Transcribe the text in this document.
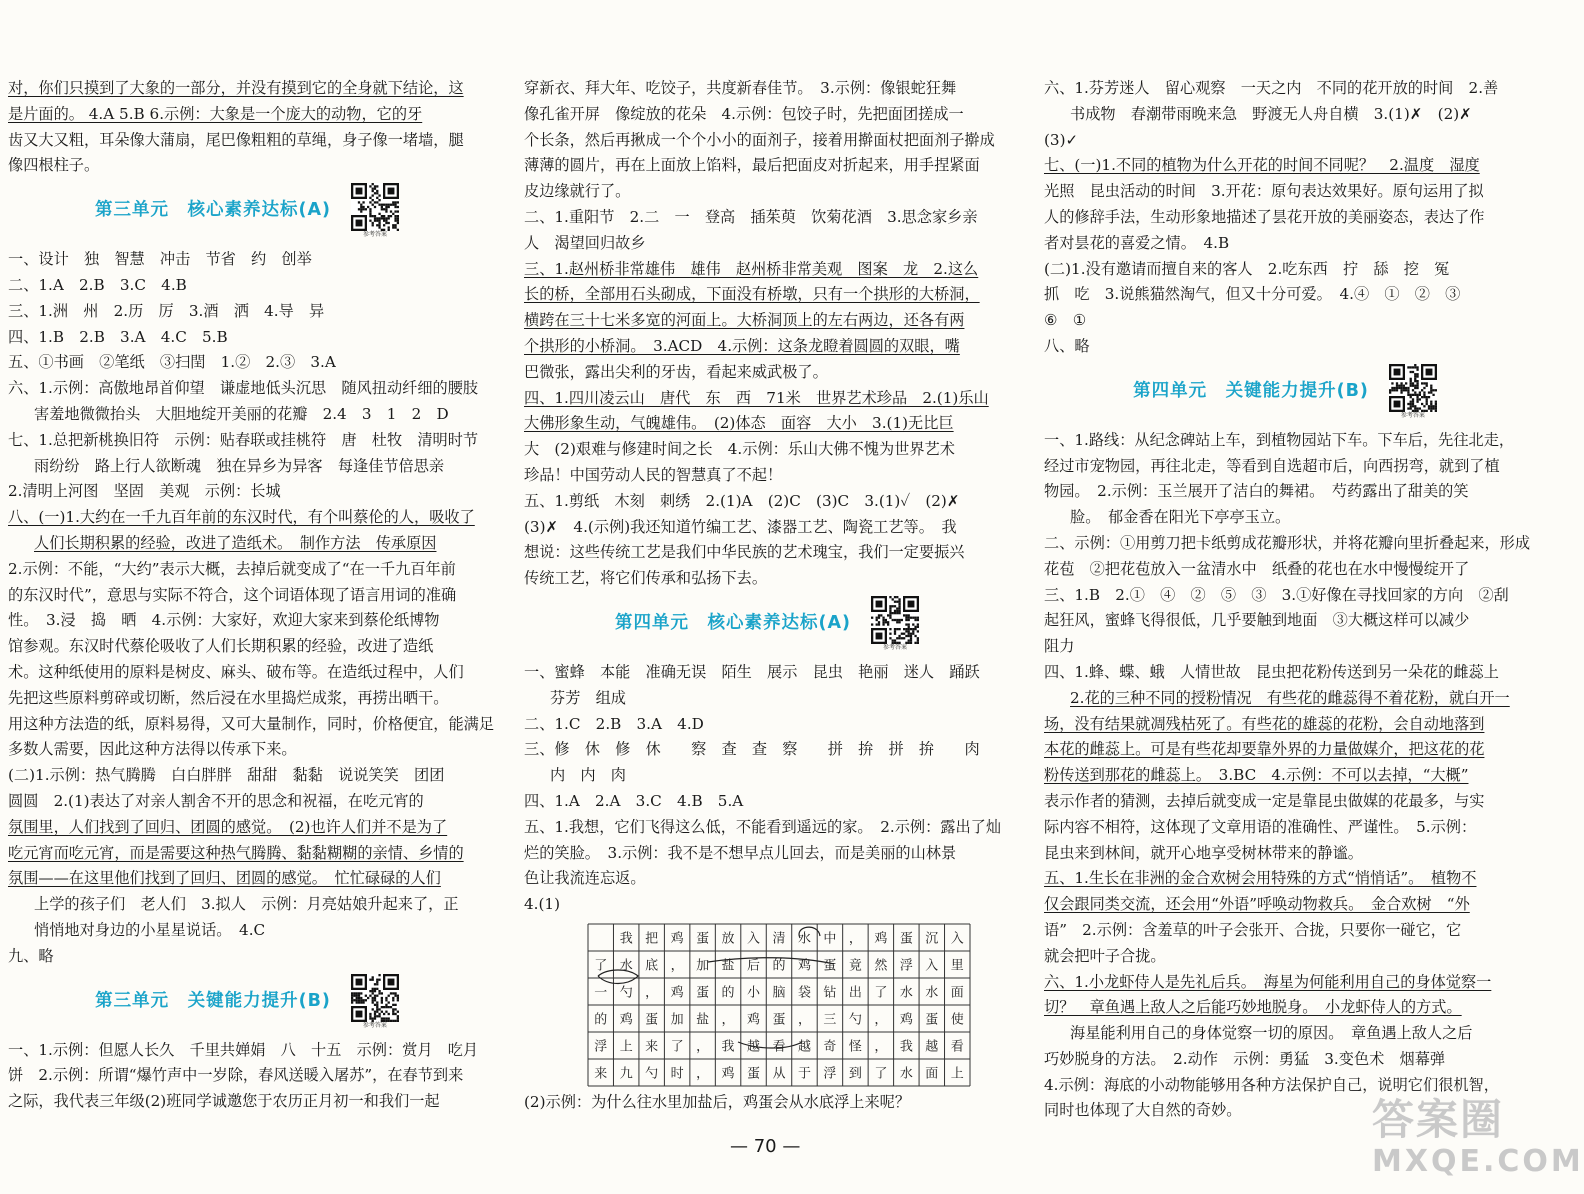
对，你们只摸到了大象的一部分，并没有摸到它的全身就下结论，这
是片面的。 4.A 5.B 6.示例：大象是一个庞大的动物，它的牙
齿又大又粗，耳朵像大蒲扇，尾巴像粗粗的草绳，身子像一堵墙，腿
像四根柱子。
第三单元　核心素养达标(A)
参考答案
一、设计　独　智慧　冲击　节省　约　创举
二、1.A　2.B　3.C　4.B
三、1.洲　州　2.历　厉　3.酒　洒　4.导　异
四、1.B　2.B　3.A　4.C　5.B
五、①书画　②笔纸　③扫閏　1.②　2.③　3.A
六、1.示例：高傲地昂首仰望　谦虚地低头沉思　随风扭动纤细的腰肢
害羞地微微抬头　大胆地绽开美丽的花瓣　2.4　3　1　2　D
七、1.总把新桃换旧符　示例：贴春联或挂桃符　唐　杜牧　清明时节
雨纷纷　路上行人欲断魂　独在异乡为异客　每逢佳节倍思亲
2.清明上河图　坚固　美观　示例：长城
八、(一)1.大约在一千九百年前的东汉时代，有个叫蔡伦的人，吸收了
人们长期积累的经验，改进了造纸术。　制作方法　传承原因
2.示例：不能，“大约”表示大概，去掉后就变成了“在一千九百年前
的东汉时代”，意思与实际不符合，这个词语体现了语言用词的准确
性。　3.浸　捣　晒　4.示例：大家好，欢迎大家来到蔡伦纸博物
馆参观。东汉时代蔡伦吸收了人们长期积累的经验，改进了造纸
术。这种纸使用的原料是树皮、麻头、破布等。在造纸过程中，人们
先把这些原料剪碎或切断，然后浸在水里捣烂成浆，再捞出晒干。
用这种方法造的纸，原料易得，又可大量制作，同时，价格便宜，能满足
多数人需要，因此这种方法得以传承下来。
(二)1.示例：热气腾腾　白白胖胖　甜甜　黏黏　说说笑笑　团团
圆圆　2.(1)表达了对亲人割舍不开的思念和祝福，在吃元宵的
氛围里，人们找到了回归、团圆的感觉。　(2)也许人们并不是为了
吃元宵而吃元宵，而是需要这种热气腾腾、黏黏糊糊的亲情、乡情的
氛围——在这里他们找到了回归、团圆的感觉。　忙忙碌碌的人们
上学的孩子们　老人们　3.拟人　示例：月亮姑娘升起来了，正
悄悄地对身边的小星星说话。　4.C
九、略
第三单元　关键能力提升(B)
参考答案
一、1.示例：但愿人长久　千里共婵娟　八　十五　示例：赏月　吃月
饼　2.示例：所谓“爆竹声中一岁除，春风送暖入屠苏”，在春节到来
之际，我代表三年级(2)班同学诚邀您于农历正月初一和我们一起
穿新衣、拜大年、吃饺子，共度新春佳节。　3.示例：像银蛇狂舞
像孔雀开屏　像绽放的花朵　4.示例：包饺子时，先把面团搓成一
个长条，然后再揪成一个个小小的面剂子，接着用擀面杖把面剂子擀成
薄薄的圆片，再在上面放上馅料，最后把面皮对折起来，用手捏紧面
皮边缘就行了。
二、1.重阳节　2.二　一　登高　插茱萸　饮菊花酒　3.思念家乡亲
人　渴望回归故乡
三、1.赵州桥非常雄伟　雄伟　赵州桥非常美观　图案　龙　2.这么
长的桥，全部用石头砌成，下面没有桥墩，只有一个拱形的大桥洞，
横跨在三十七米多宽的河面上。大桥洞顶上的左右两边，还各有两
个拱形的小桥洞。　3.ACD　4.示例：这条龙瞪着圆圆的双眼，嘴
巴微张，露出尖利的牙齿，看起来威武极了。
四、1.四川凌云山　唐代　东　西　71米　世界艺术珍品　2.(1)乐山
大佛形象生动，气魄雄伟。　(2)体态　面容　大小　3.(1)无比巨
大　(2)艰难与修建时间之长　4.示例：乐山大佛不愧为世界艺术
珍品！中国劳动人民的智慧真了不起！
五、1.剪纸　木刻　刺绣　2.(1)A　(2)C　(3)C　3.(1)✓　(2)✗
(3)✗　4.(示例)我还知道竹编工艺、漆器工艺、陶瓷工艺等。　我
想说：这些传统工艺是我们中华民族的艺术瑰宝，我们一定要振兴
传统工艺，将它们传承和弘扬下去。
第四单元　核心素养达标(A)
参考答案
一、蜜蜂　本能　准确无误　陌生　展示　昆虫　艳丽　迷人　踊跃
芬芳　组成
二、1.C　2.B　3.A　4.D
三、修　休　修　休　　察　查　查　察　　拼　拚　拼　拚　　肉
内　内　肉
四、1.A　2.A　3.C　4.B　5.A
五、1.我想，它们飞得这么低，不能看到遥远的家。　2.示例：露出了灿
烂的笑脸。　3.示例：我不是不想早点儿回去，而是美丽的山林景
色让我流连忘返。
4.(1)
我 把 鸡 蛋 放 入 清 水 中 ， 鸡 蛋 沉 入
了 水 底 ， 加 盐 后 的 鸡 蛋 竟 然 浮 入 里
一 勺 ， 鸡 蛋 的 小 脑 袋 钻 出 了 水 水 面
的 鸡 蛋 加 盐 ， 鸡 蛋 ， 三 勺 ， 鸡 蛋 使
浮 上 来 了 ， 我 越 看 越 奇 怪 ， 我 越 看
来 九 勺 时 ， 鸡 蛋 从 于 浮 到 了 水 面 上
(2)示例：为什么往水里加盐后，鸡蛋会从水底浮上来呢？
六、1.芬芳迷人　留心观察　一天之内　不同的花开放的时间　2.善
书成物　春潮带雨晚来急　野渡无人舟自横　3.(1)✗　(2)✗
(3)✓
七、(一)1.不同的植物为什么开花的时间不同呢？　2.温度　湿度
光照　昆虫活动的时间　3.开花：原句表达效果好。原句运用了拟
人的修辞手法，生动形象地描述了昙花开放的美丽姿态，表达了作
者对昙花的喜爱之情。　4.B
(二)1.没有邀请而擅自来的客人　2.吃东西　拧　舔　挖　冤
抓　吃　3.说熊猫然淘气，但又十分可爱。　4.④　①　②　③
⑥　①
八、略
第四单元　关键能力提升(B)
参考答案
一、1.路线：从纪念碑站上车，到植物园站下车。下车后，先往北走，
经过市宠物园，再往北走，等看到自选超市后，向西拐弯，就到了植
物园。　2.示例：玉兰展开了洁白的舞裙。　芍药露出了甜美的笑
脸。　郁金香在阳光下亭亭玉立。
二、示例：①用剪刀把卡纸剪成花瓣形状，并将花瓣向里折叠起来，形成
花苞　②把花苞放入一盆清水中　纸叠的花也在水中慢慢绽开了
三、1.B　2.①　④　②　⑤　③　3.①好像在寻找回家的方向　②刮
起狂风，蜜蜂飞得很低，几乎要触到地面　③大概这样可以减少
阻力
四、1.蜂、蝶、蛾　人情世故　昆虫把花粉传送到另一朵花的雌蕊上
2.花的三种不同的授粉情况　有些花的雌蕊得不着花粉，就白开一
场，没有结果就凋残枯死了。有些花的雄蕊的花粉，会自动地落到
本花的雌蕊上。可是有些花却要靠外界的力量做媒介，把这花的花
粉传送到那花的雌蕊上。　3.BC　4.示例：不可以去掉，“大概”
表示作者的猜测，去掉后就变成一定是靠昆虫做媒的花最多，与实
际内容不相符，这体现了文章用语的准确性、严谨性。　5.示例：
昆虫来到林间，就开心地享受树林带来的静谧。
五、1.生长在非洲的金合欢树会用特殊的方式“悄悄话”。　植物不
仅会跟同类交流，还会用“外语”呼唤动物救兵。　金合欢树　“外
语”　2.示例：含羞草的叶子会张开、合拢，只要你一碰它，它
就会把叶子合拢。
六、1.小龙虾侍人是先礼后兵。　海星为何能利用自己的身体觉察一
切？　章鱼遇上敌人之后能巧妙地脱身。　小龙虾侍人的方式。
海星能利用自己的身体觉察一切的原因。　章鱼遇上敌人之后
巧妙脱身的方法。　2.动作　示例：勇猛　3.变色术　烟幕弹
4.示例：海底的小动物能够用各种方法保护自己，说明它们很机智，
同时也体现了大自然的奇妙。
— 70 —
答案圈
MXQE.COM
